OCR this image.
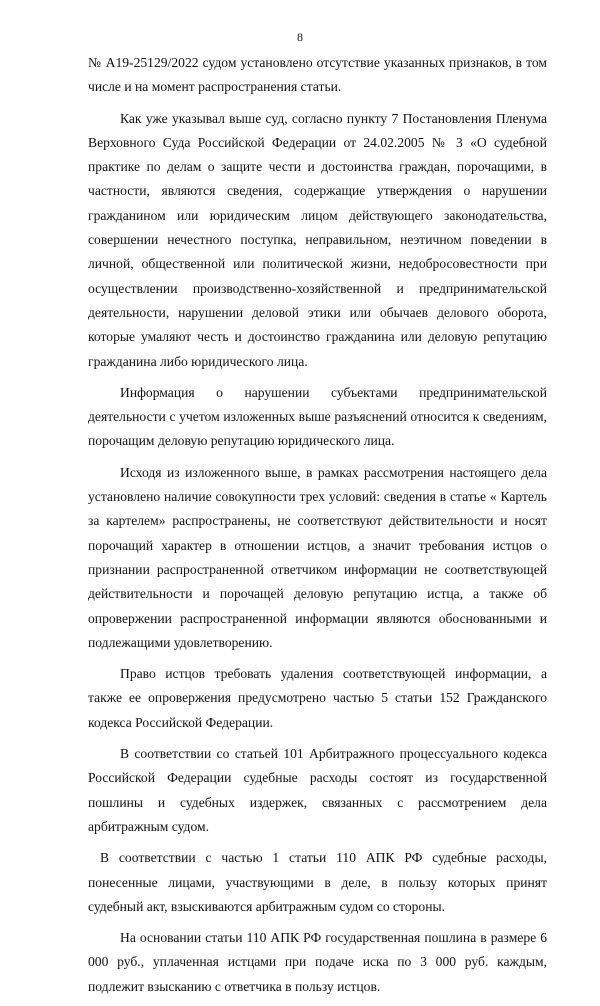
8

№ А19-25129/2022 судом установлено отсутствие указанных признаков, в том числе и на момент распространения статьи.

Как уже указывал выше суд, согласно пункту 7 Постановления Пленума Верховного Суда Российской Федерации от 24.02.2005 № 3 «О судебной практике по делам о защите чести и достоинства граждан, порочащими, в частности, являются сведения, содержащие утверждения о нарушении гражданином или юридическим лицом действующего законодательства, совершении нечестного поступка, неправильном, неэтичном поведении в личной, общественной или политической жизни, недобросовестности при осуществлении производственно-хозяйственной и предпринимательской деятельности, нарушении деловой этики или обычаев делового оборота, которые умаляют честь и достоинство гражданина или деловую репутацию гражданина либо юридического лица.

Информация о нарушении субъектами предпринимательской деятельности с учетом изложенных выше разъяснений относится к сведениям, порочащим деловую репутацию юридического лица.

Исходя из изложенного выше, в рамках рассмотрения настоящего дела установлено наличие совокупности трех условий: сведения в статье « Картель за картелем» распространены, не соответствуют действительности и носят порочащий характер в отношении истцов, а значит требования истцов о признании распространенной ответчиком информации не соответствующей действительности и порочащей деловую репутацию истца, а также об опровержении распространенной информации являются обоснованными и подлежащими удовлетворению.

Право истцов требовать удаления соответствующей информации, а также ее опровержения предусмотрено частью 5 статьи 152 Гражданского кодекса Российской Федерации.

В соответствии со статьей 101 Арбитражного процессуального кодекса Российской Федерации судебные расходы состоят из государственной пошлины и судебных издержек, связанных с рассмотрением дела арбитражным судом.

В соответствии с частью 1 статьи 110 АПК РФ судебные расходы, понесенные лицами, участвующими в деле, в пользу которых принят судебный акт, взыскиваются арбитражным судом со стороны.

На основании статьи 110 АПК РФ государственная пошлина в размере 6 000 руб., уплаченная истцами при подаче иска по 3 000 руб. каждым, подлежит взысканию с ответчика в пользу истцов.
